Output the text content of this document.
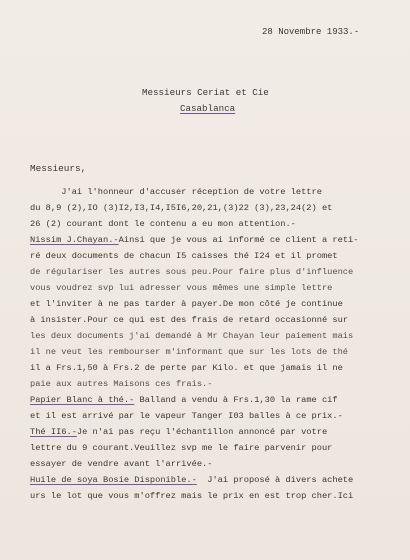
28 Novembre 1933.-
Messieurs Ceriat et Cie
Casablanca
Messieurs,
J'ai l'honneur d'accuser réception de votre lettre
du 8,9 (2),IO (3)I2,I3,I4,I5I6,20,21,(3)22 (3),23,24(2) et
26 (2) courant dont le contenu a eu mon attention.-
Nissim J.Chayan.-Ainsi que je vous ai informé ce client a reti-
ré deux documents de chacun I5 caisses thé I24 et il promet
de régulariser les autres sous peu.Pour faire plus d'influence
vous voudrez svp lui adresser vous mêmes une simple lettre
et l'inviter à ne pas tarder à payer.De mon côté je continue
à insister.Pour ce qui est des frais de retard occasionné sur
les deux documents j'ai demandé à Mr Chayan leur paiement mais
il ne veut les rembourser m'informant que sur les lots de thé
il a Frs.1,50 à Frs.2 de perte par Kilo. et que jamais il ne
paie aux autres Maisons ces frais.-
Papier Blanc à thé.- Balland a vendu à Frs.1,30 la rame cif
et il est arrivé par le vapeur Tanger I03 balles à ce prix.-
Thé II6.-Je n'ai pas reçu l'échantillon annoncé par votre
lettre du 9 courant.Veuillez svp me le faire parvenir pour
essayer de vendre avant l'arrivée.-
Huile de soya Bosie Disponible.-  J'ai proposé à divers achete
urs le lot que vous m'offrez mais le prix en est trop cher.Ici
